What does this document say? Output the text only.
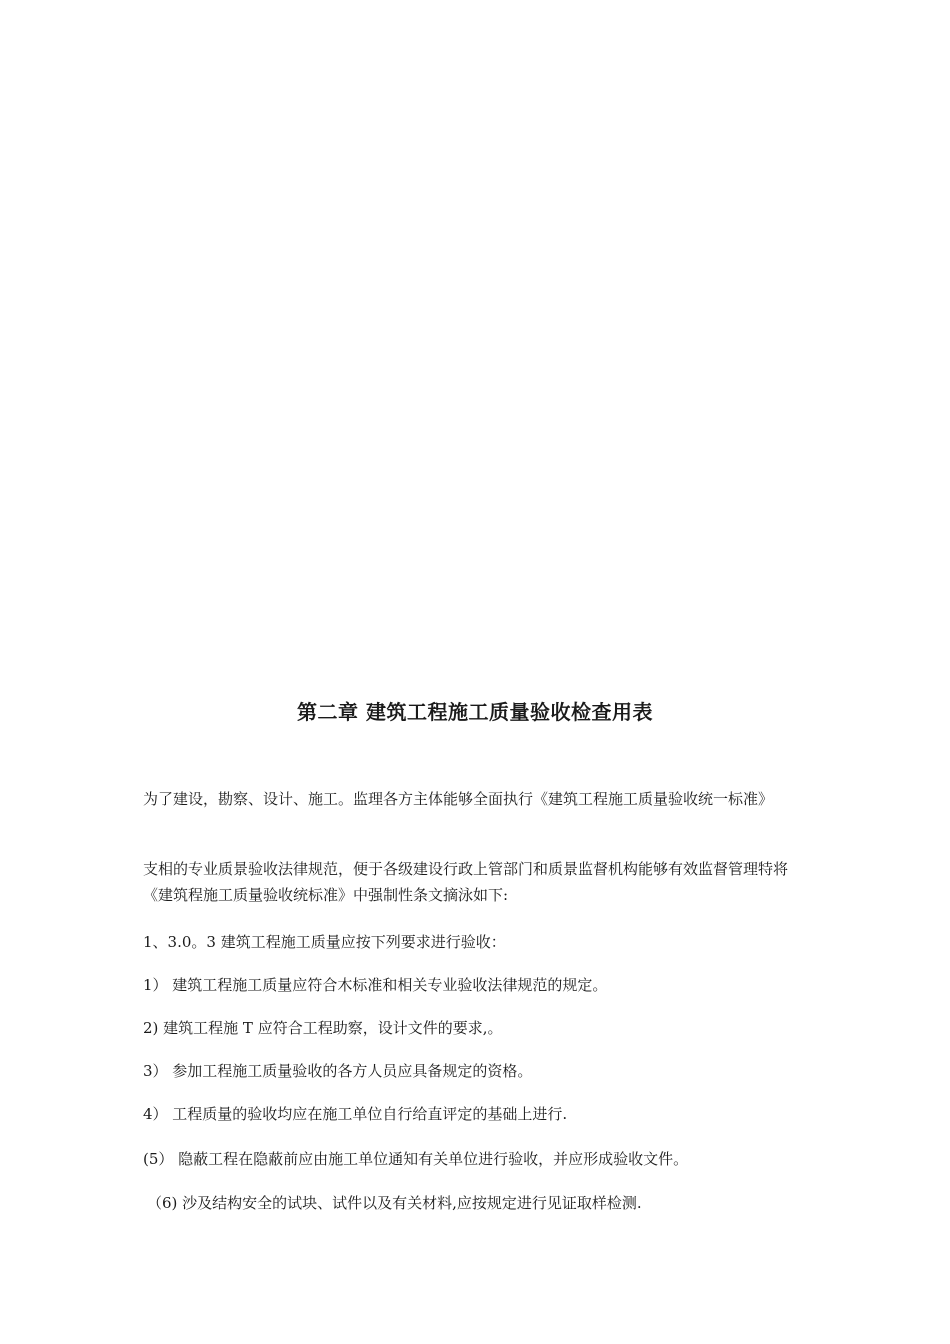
第二章 建筑工程施工质量验收检查用表

为了建设，勘察、设计、施工。监理各方主体能够全面执行《建筑工程施工质量验收统一标准》

支相的专业质景验收法律规范，便于各级建设行政上管部门和质景监督机构能够有效监督管理特将《建筑程施工质量验收统标准》中强制性条文摘泳如下:

1、3.0。3 建筑工程施工质量应按下列要求进行验收：

1） 建筑工程施工质量应符合木标准和相关专业验收法律规范的规定。

2) 建筑工程施 T 应符合工程助察，设计文件的要求,。

3） 参加工程施工质量验收的各方人员应具备规定的资格。

4） 工程质量的验收均应在施工单位自行给直评定的基础上进行.

(5） 隐蔽工程在隐蔽前应由施工单位通知有关单位进行验收，并应形成验收文件。

（6) 沙及结构安全的试块、试件以及有关材料,应按规定进行见证取样检测.
